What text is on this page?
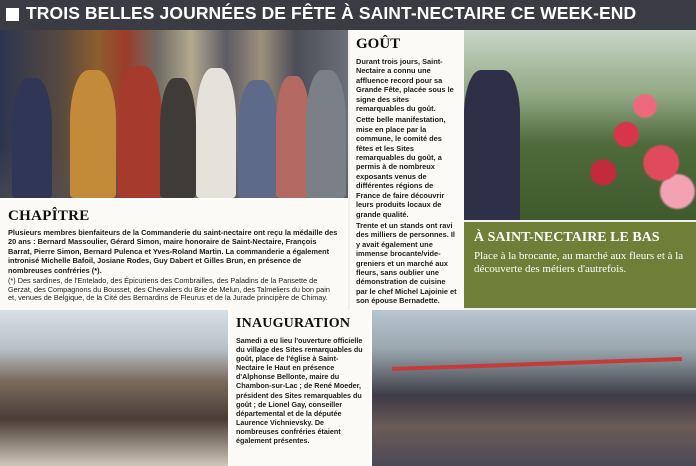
TROIS BELLES JOURNÉES DE FÊTE À SAINT-NECTAIRE CE WEEK-END
GOÛT

Durant trois jours, Saint-Nectaire a connu une affluence record pour sa Grande Fête, placée sous le signe des sites remarquables du goût.

Cette belle manifestation, mise en place par la commune, le comité des fêtes et les Sites remarquables du goût, a permis à de nombreux exposants venus de différentes régions de France de faire découvrir leurs produits locaux de grande qualité.

Trente et un stands ont ravi des milliers de personnes. Il y avait également une immense brocante/vide-greniers et un marché aux fleurs, sans oublier une démonstration de cuisine par le chef Michel Lajoinie et son épouse Bernadette.

CHAPÎTRE
Plusieurs membres bienfaiteurs de la Commanderie du saint-nectaire ont reçu la médaille des 20 ans : Bernard Massoulier, Gérard Simon, maire honoraire de Saint-Nectaire, François Barrat, Pierre Simon, Bernard Pulenca et Yves-Roland Martin. La commanderie a également intronisé Michelle Bafoil, Josiane Rodes, Guy Dabert et Gilles Brun, en présence de nombreuses confréries (*).
(*) Des sardines, de l'Entelado, des Épicuriens des Combrailles, des Paladins de la Pansette de Gerzat, des Compagnons du Bousset, des Chevaliers du Brie de Melun, des Talmeliers du bon pain et, venues de Belgique, de la Cité des Bernardins de Fleurus et de la Jurade principère de Chimay.
À SAINT-NECTAIRE LE BAS

Place à la brocante, au marché aux fleurs et à la découverte des métiers d'autrefois.

INAUGURATION
Samedi a eu lieu l'ouverture officielle du village des Sites remarquables du goût, place de l'église à Saint-Nectaire le Haut en présence d'Alphonse Bellonte, maire du Chambon-sur-Lac ; de René Moeder, président des Sites remarquables du goût ; de Lionel Gay, conseiller départemental et de la députée Laurence Vichnievsky. De nombreuses confréries étaient également présentes.
